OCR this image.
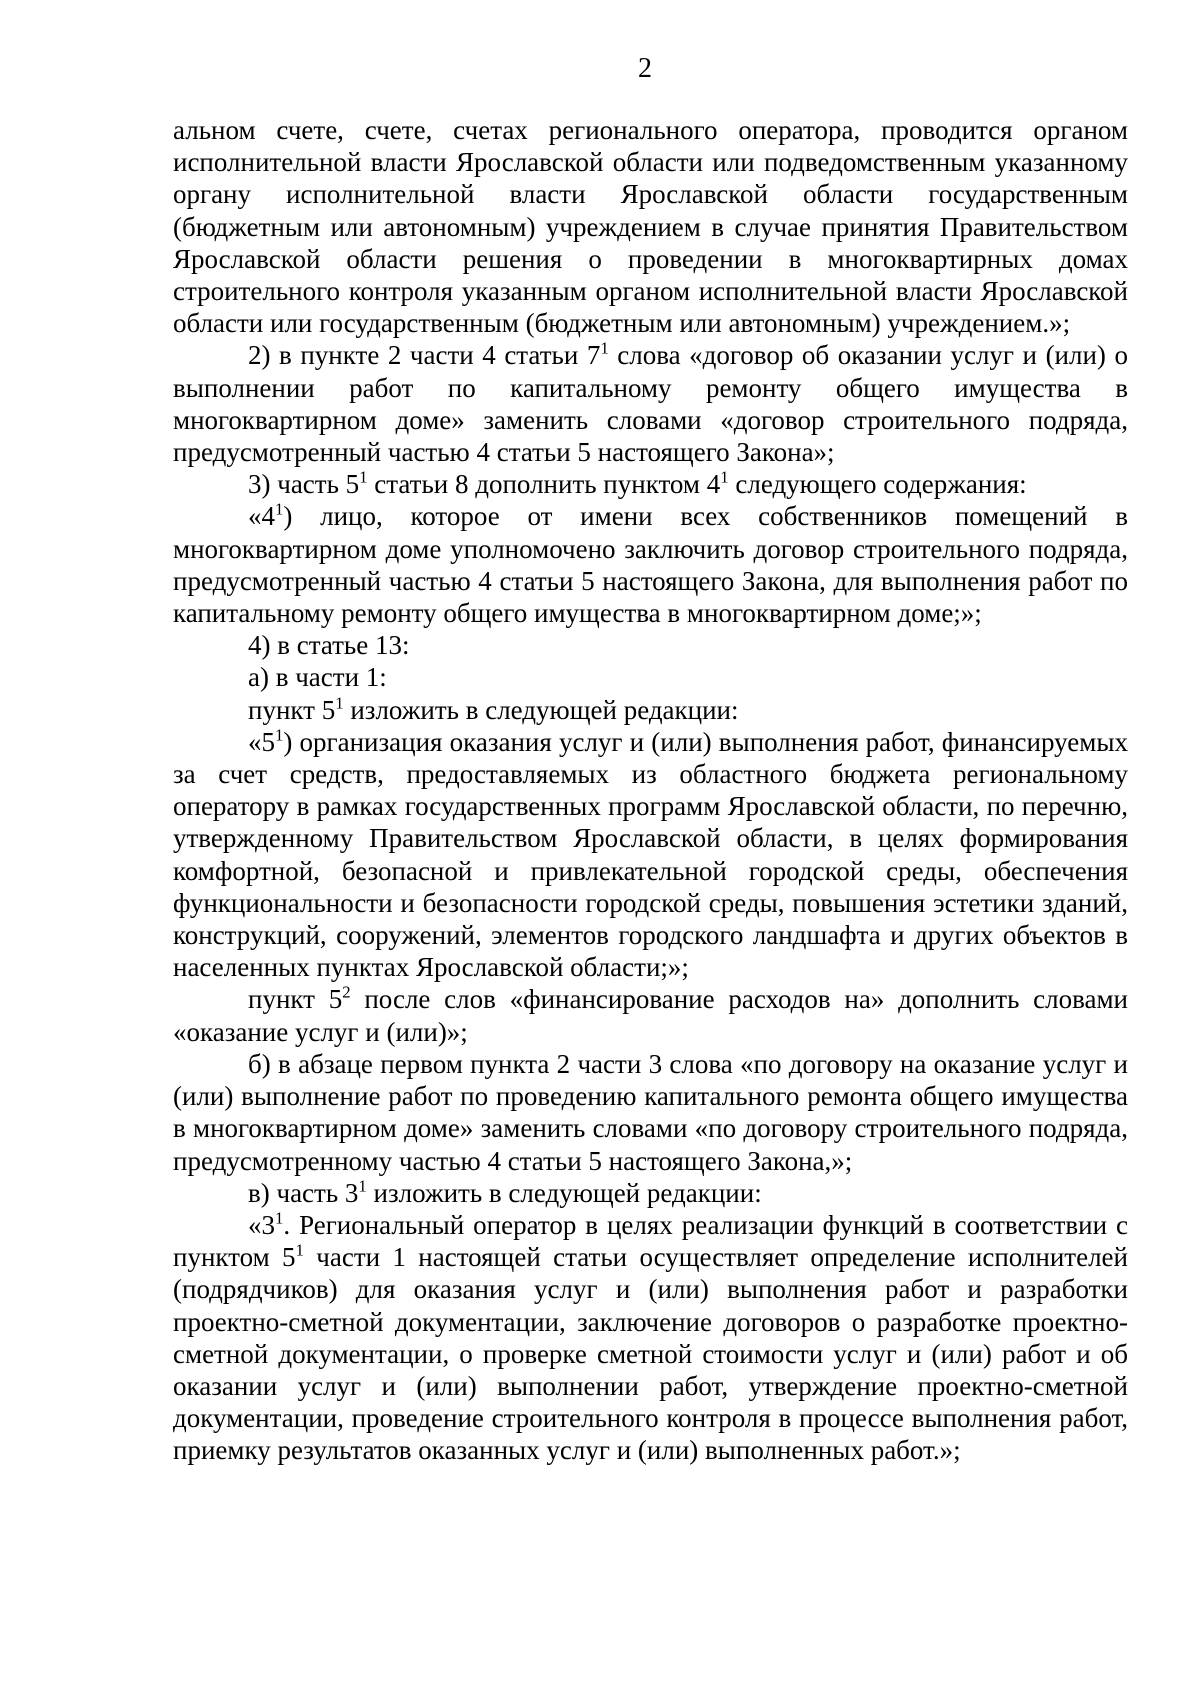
2

альном счете, счете, счетах регионального оператора, проводится органом исполнительной власти Ярославской области или подведомственным указанному органу исполнительной власти Ярославской области государственным (бюджетным или автономным) учреждением в случае принятия Правительством Ярославской области решения о проведении в многоквартирных домах строительного контроля указанным органом исполнительной власти Ярославской области или государственным (бюджетным или автономным) учреждением.»;

2) в пункте 2 части 4 статьи $7^1$ слова «договор об оказании услуг и (или) о выполнении работ по капитальному ремонту общего имущества в многоквартирном доме» заменить словами «договор строительного подряда, предусмотренный частью 4 статьи 5 настоящего Закона»;

3) часть $5^1$ статьи 8 дополнить пунктом $4^1$ следующего содержания:

«$4^1$) лицо, которое от имени всех собственников помещений в многоквартирном доме уполномочено заключить договор строительного подряда, предусмотренный частью 4 статьи 5 настоящего Закона, для выполнения работ по капитальному ремонту общего имущества в многоквартирном доме;»;

4) в статье 13:

а) в части 1:

пункт $5^1$ изложить в следующей редакции:

«$5^1$) организация оказания услуг и (или) выполнения работ, финансируемых за счет средств, предоставляемых из областного бюджета региональному оператору в рамках государственных программ Ярославской области, по перечню, утвержденному Правительством Ярославской области, в целях формирования комфортной, безопасной и привлекательной городской среды, обеспечения функциональности и безопасности городской среды, повышения эстетики зданий, конструкций, сооружений, элементов городского ландшафта и других объектов в населенных пунктах Ярославской области;»;

пункт $5^2$ после слов «финансирование расходов на» дополнить словами «оказание услуг и (или)»;

б) в абзаце первом пункта 2 части 3 слова «по договору на оказание услуг и (или) выполнение работ по проведению капитального ремонта общего имущества в многоквартирном доме» заменить словами «по договору строительного подряда, предусмотренному частью 4 статьи 5 настоящего Закона,»;

в) часть $3^1$ изложить в следующей редакции:

«$3^1$. Региональный оператор в целях реализации функций в соответствии с пунктом $5^1$ части 1 настоящей статьи осуществляет определение исполнителей (подрядчиков) для оказания услуг и (или) выполнения работ и разработки проектно-сметной документации, заключение договоров о разработке проектно-сметной документации, о проверке сметной стоимости услуг и (или) работ и об оказании услуг и (или) выполнении работ, утверждение проектно-сметной документации, проведение строительного контроля в процессе выполнения работ, приемку результатов оказанных услуг и (или) выполненных работ.»;
